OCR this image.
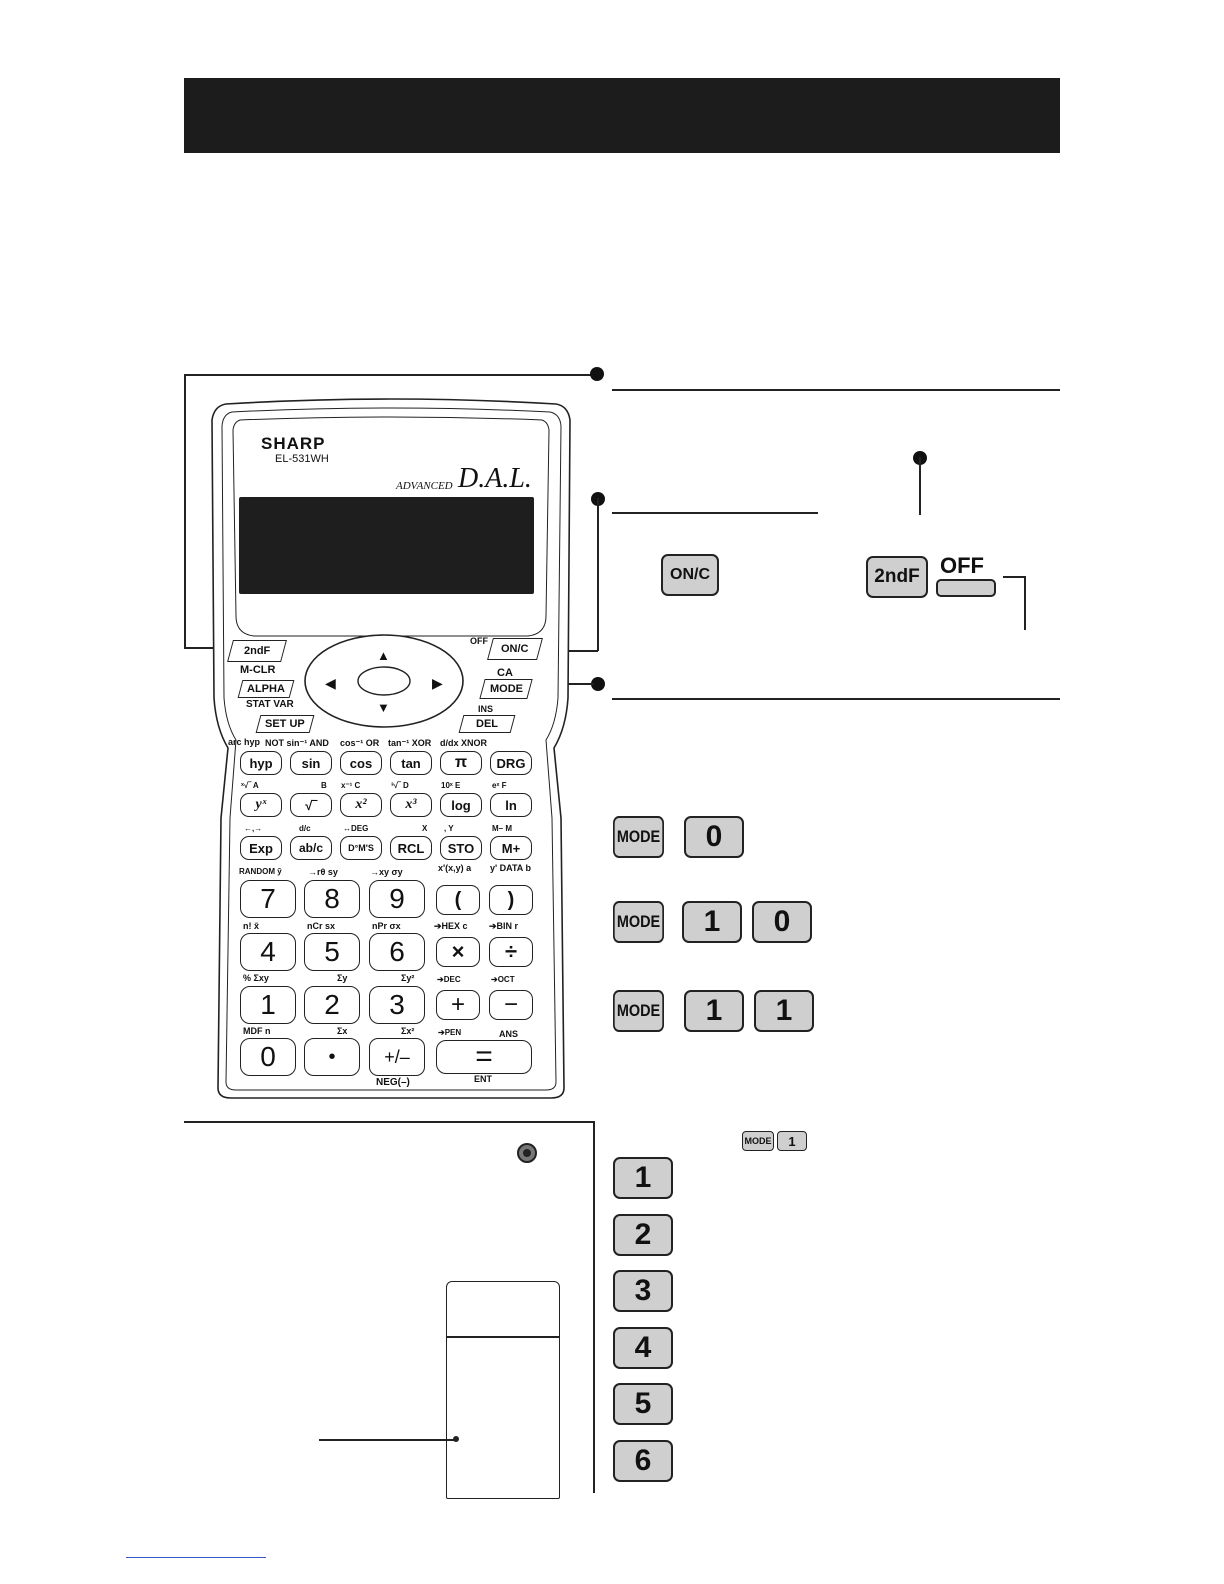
ON/C	2ndF OFF
MODE 0
MODE 1 0
MODE 1 1
MODE 1
1
2
3
4
5
6
SHARP
EL-531WH
ADVANCED D.A.L.
▲
▼
◀	▶
2ndF
M-CLR
ALPHA
STAT VAR
SET UP
OFF
ON/C
CA
MODE
INS
DEL
arc hyp NOT sin⁻¹ AND cos⁻¹ OR tan⁻¹ XOR d/dx XNOR
hyp	sin	cos	tan	π	DRG
ˣ√‾ A	B x⁻¹ C	³√‾ D	10ˣ E	eˣ F
yˣ	√‾	x²	x³	log	ln
←,→	d/c	↔DEG	X , Y	M– M
Exp	ab/c	D°M'S	RCL	STO	M+
RANDOM ȳ	→rθ sy	→xy σy	x'(x,y) a y' DATA b
7	8	9	(	)
n! x̄	nCr sx	nPr σx	➔HEX c ➔BIN r
4	5	6	×	÷
% Σxy	Σy	Σy²	➔DEC	➔OCT
1	2	3	+	−
MDF n	Σx	Σx²	➔PEN	ANS
0	•	+/–	=
NEG(–)	ENT
